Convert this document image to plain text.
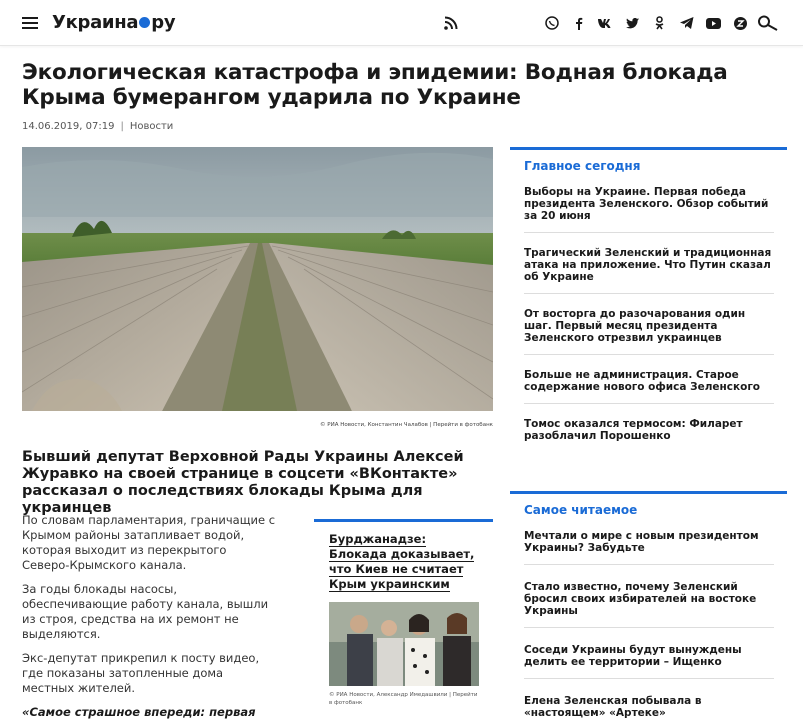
Украина ру
Экологическая катастрофа и эпидемии: Водная блокада Крыма бумерангом ударила по Украине
14.06.2019, 07:19 | Новости
© РИА Новости, Константин Чалабов | Перейти в фотобанк

Бывший депутат Верховной Рады Украины Алексей Журавко на своей странице в соцсети «ВКонтакте» рассказал о последствиях блокады Крыма для украинцев

По словам парламентария, граничащие с Крымом районы затапливает водой, которая выходит из перекрытого Северо-Крымского канала.

За годы блокады насосы, обеспечивающие работу канала, вышли из строя, средства на их ремонт не выделяются.

Экс-депутат прикрепил к посту видео, где показаны затопленные дома местных жителей.

«Самое страшное впереди: первая
Бурджанадзе: Блокада доказывает, что Киев не считает Крым украинским
© РИА Новости, Александр Имедашвили | Перейти в фотобанк
Главное сегодня
Выборы на Украине. Первая победа президента Зеленского. Обзор событий за 20 июня
Трагический Зеленский и традиционная атака на приложение. Что Путин сказал об Украине
От восторга до разочарования один шаг. Первый месяц президента Зеленского отрезвил украинцев
Больше не администрация. Старое содержание нового офиса Зеленского
Томос оказался термосом: Филарет разоблачил Порошенко
Самое читаемое
Мечтали о мире с новым президентом Украины? Забудьте
Стало известно, почему Зеленский бросил своих избирателей на востоке Украины
Соседи Украины будут вынуждены делить ее территории – Ищенко
Елена Зеленская побывала в «настоящем» «Артеке»
